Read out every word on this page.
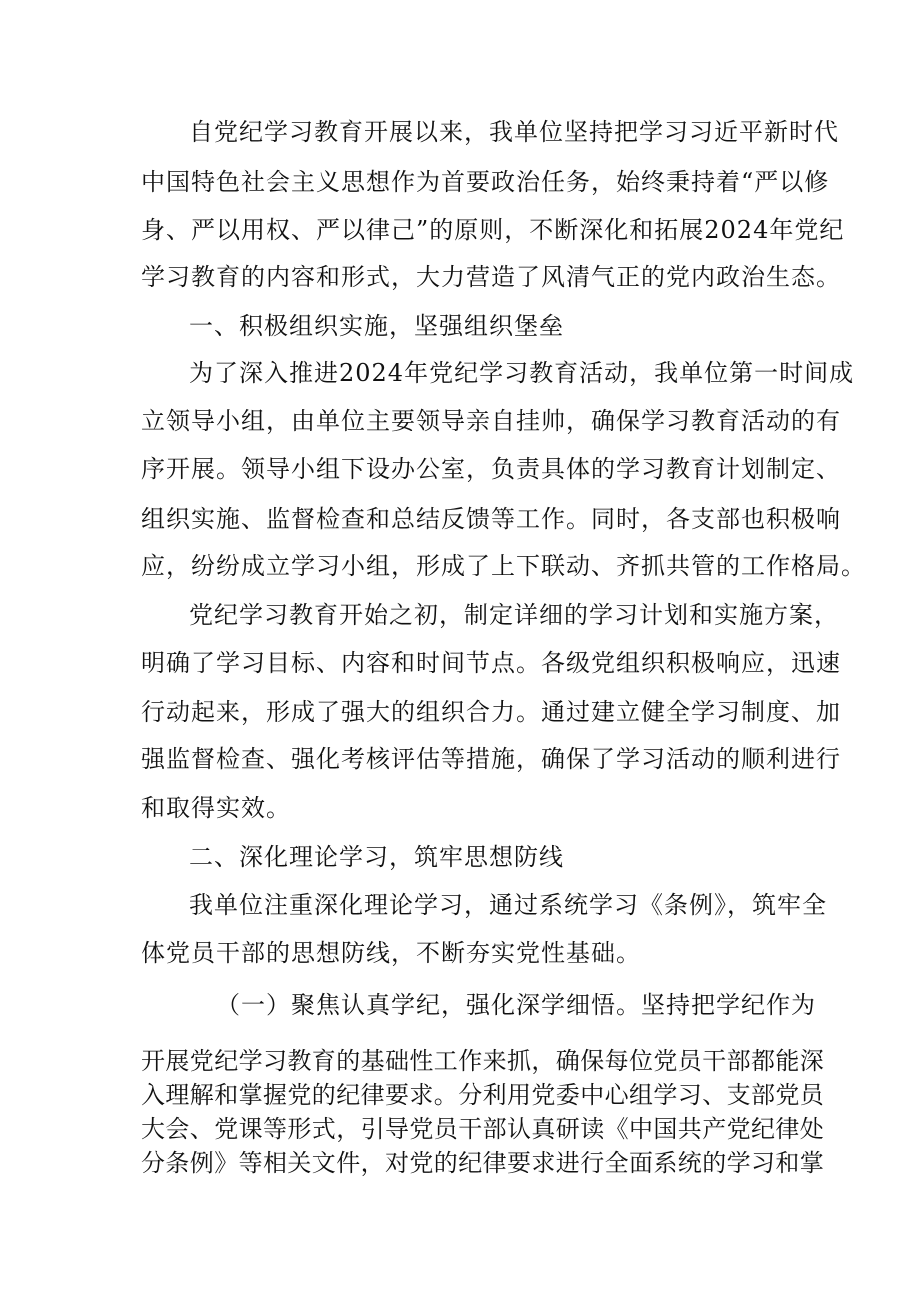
自党纪学习教育开展以来，我单位坚持把学习习近平新时代
中国特色社会主义思想作为首要政治任务，始终秉持着“严以修
身、严以用权、严以律己”的原则，不断深化和拓展2024年党纪
学习教育的内容和形式，大力营造了风清气正的党内政治生态。
一、积极组织实施，坚强组织堡垒
为了深入推进2024年党纪学习教育活动，我单位第一时间成
立领导小组，由单位主要领导亲自挂帅，确保学习教育活动的有
序开展。领导小组下设办公室，负责具体的学习教育计划制定、
组织实施、监督检查和总结反馈等工作。同时，各支部也积极响
应，纷纷成立学习小组，形成了上下联动、齐抓共管的工作格局。
党纪学习教育开始之初，制定详细的学习计划和实施方案，
明确了学习目标、内容和时间节点。各级党组织积极响应，迅速
行动起来，形成了强大的组织合力。通过建立健全学习制度、加
强监督检查、强化考核评估等措施，确保了学习活动的顺利进行
和取得实效。
二、深化理论学习，筑牢思想防线
我单位注重深化理论学习，通过系统学习《条例》，筑牢全
体党员干部的思想防线，不断夯实党性基础。
（一）聚焦认真学纪，强化深学细悟。坚持把学纪作为
开展党纪学习教育的基础性工作来抓，确保每位党员干部都能深
入理解和掌握党的纪律要求。分利用党委中心组学习、支部党员
大会、党课等形式，引导党员干部认真研读《中国共产党纪律处
分条例》等相关文件，对党的纪律要求进行全面系统的学习和掌
